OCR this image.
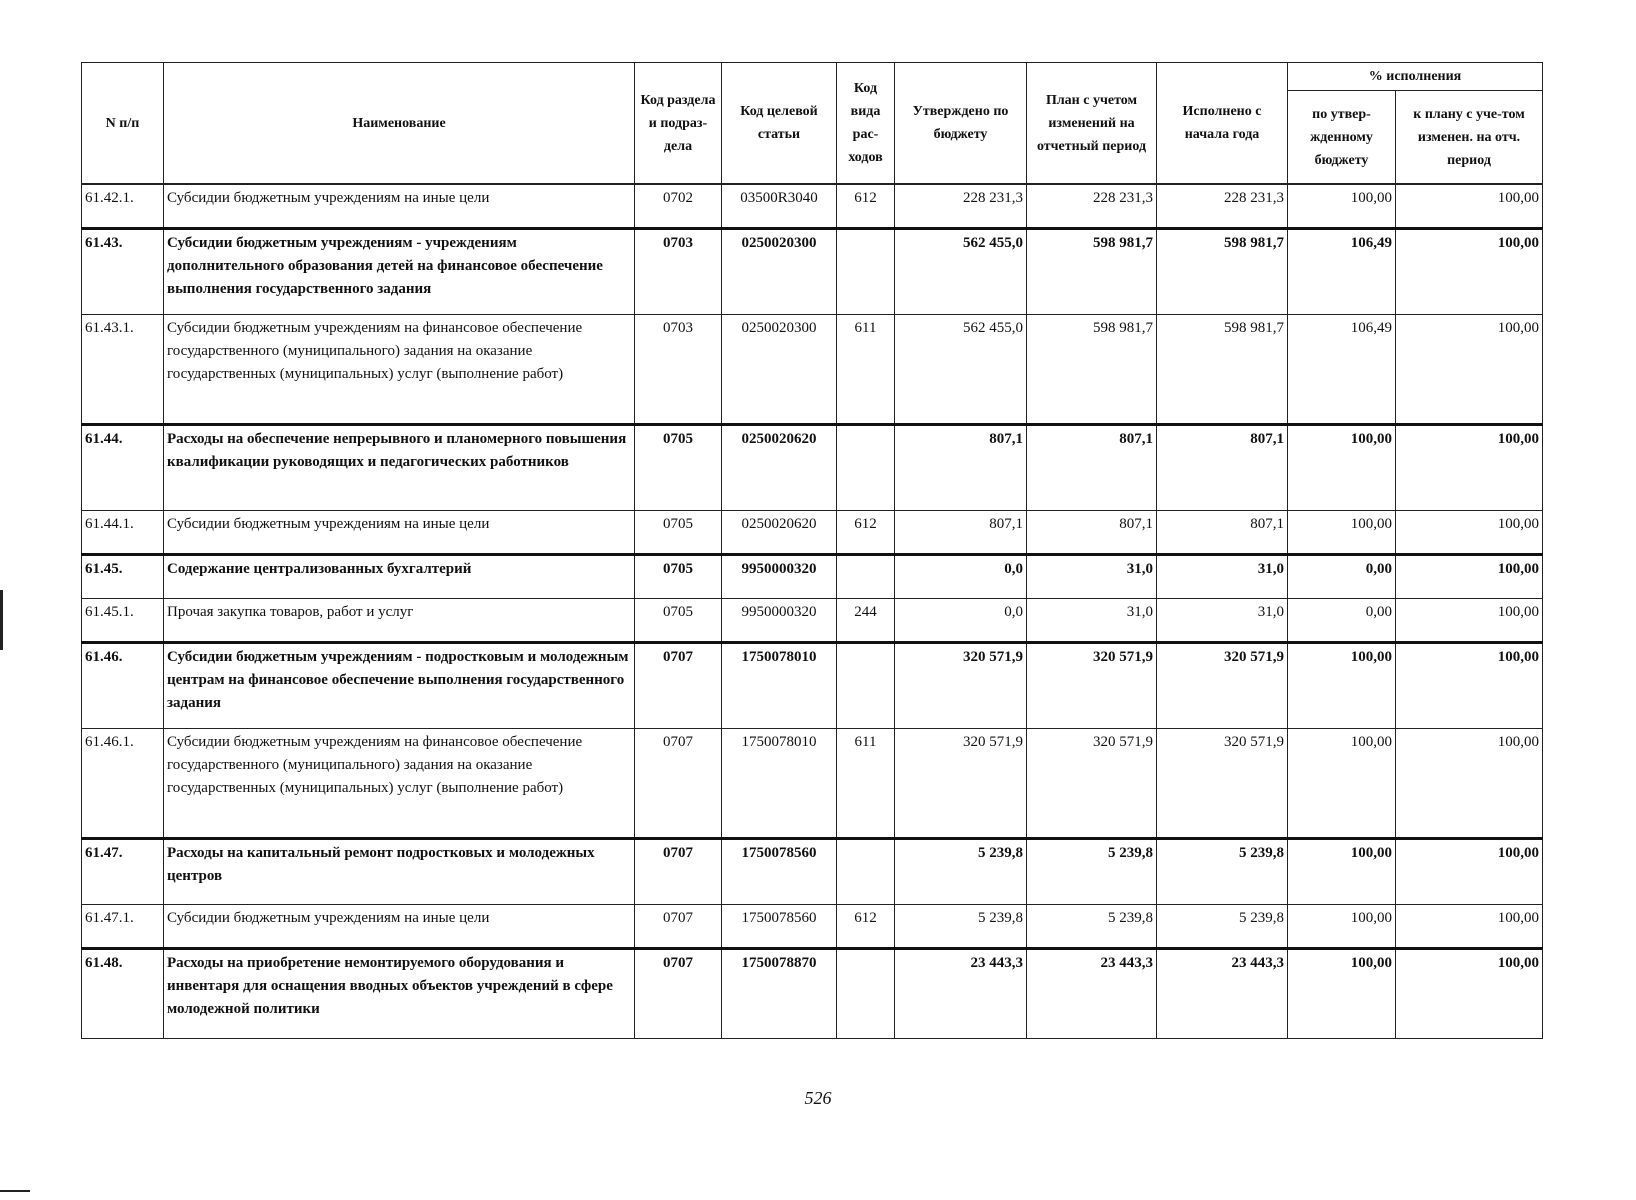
N п/п	Наименование	Код раздела и подраз-дела	Код целевой статьи	Код вида рас-ходов	Утверждено по бюджету	План с учетом изменений на отчетный период	Исполнено с начала года	% исполнения	
								по утвер-жденному бюджету	к плану с уче-том изменен. на отч. период
61.42.1.	Субсидии бюджетным учреждениям на иные цели	0702	03500R3040	612	228 231,3	228 231,3	228 231,3	100,00	100,00
61.43.	Субсидии бюджетным учреждениям - учреждениям дополнительного образования детей на финансовое обеспечение выполнения государственного задания	0703	0250020300		562 455,0	598 981,7	598 981,7	106,49	100,00
61.43.1.	Субсидии бюджетным учреждениям на финансовое обеспечение государственного (муниципального) задания на оказание государственных (муниципальных) услуг (выполнение работ)	0703	0250020300	611	562 455,0	598 981,7	598 981,7	106,49	100,00
61.44.	Расходы на обеспечение непрерывного и планомерного повышения квалификации руководящих и педагогических работников	0705	0250020620		807,1	807,1	807,1	100,00	100,00
61.44.1.	Субсидии бюджетным учреждениям на иные цели	0705	0250020620	612	807,1	807,1	807,1	100,00	100,00
61.45.	Содержание централизованных бухгалтерий	0705	9950000320		0,0	31,0	31,0	0,00	100,00
61.45.1.	Прочая закупка товаров, работ и услуг	0705	9950000320	244	0,0	31,0	31,0	0,00	100,00
61.46.	Субсидии бюджетным учреждениям - подростковым и молодежным центрам на финансовое обеспечение выполнения государственного задания	0707	1750078010		320 571,9	320 571,9	320 571,9	100,00	100,00
61.46.1.	Субсидии бюджетным учреждениям на финансовое обеспечение государственного (муниципального) задания на оказание государственных (муниципальных) услуг (выполнение работ)	0707	1750078010	611	320 571,9	320 571,9	320 571,9	100,00	100,00
61.47.	Расходы на капитальный ремонт подростковых и молодежных центров	0707	1750078560		5 239,8	5 239,8	5 239,8	100,00	100,00
61.47.1.	Субсидии бюджетным учреждениям на иные цели	0707	1750078560	612	5 239,8	5 239,8	5 239,8	100,00	100,00
61.48.	Расходы на приобретение немонтируемого оборудования и инвентаря для оснащения вводных объектов учреждений в сфере молодежной политики	0707	1750078870		23 443,3	23 443,3	23 443,3	100,00	100,00
526
